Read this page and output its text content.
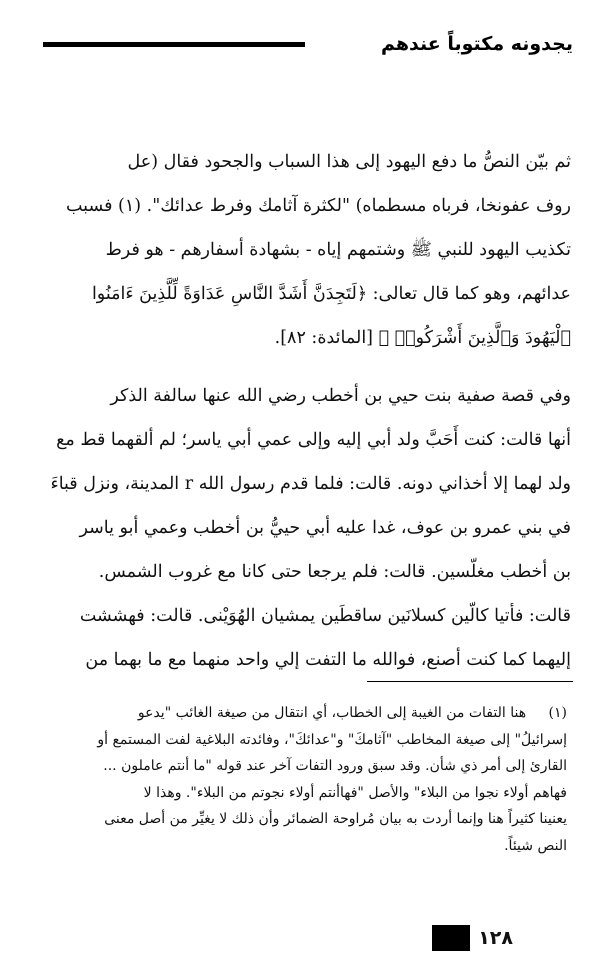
يجدونه مكتوباً عندهم

ثم بيّن النصُّ ما دفع اليهود إلى هذا السباب والجحود فقال (عل
روف عفونخا، فرباه مسطماه) "لكثرة آثامك وفرط عدائك". (١) فسبب
تكذيب اليهود للنبي ﷺ وشتمهم إياه - بشهادة أسفارهم - هو فرط
عدائهم، وهو كما قال تعالى: ﴿لَتَجِدَنَّ أَشَدَّ النَّاسِ عَدَاوَةً لِّلَّذِينَ ءَامَنُوا
ٱلْيَهُودَ وَٱلَّذِينَ أَشْرَكُوا۟ ﴾ [المائدة: ٨٢].

وفي قصة صفية بنت حيي بن أخطب رضي الله عنها سالفة الذكر
أنها قالت: كنت أَحَبَّ ولد أبي إليه وإلى عمي أبي ياسر؛ لم ألقهما قط مع
ولد لهما إلا أخذاني دونه. قالت: فلما قدم رسول الله r المدينة، ونزل قباءَ
في بني عمرو بن عوف، غدا عليه أبي حييُّ بن أخطب وعمي أبو ياسر
بن أخطب مغلّسين. قالت: فلم يرجعا حتى كانا مع غروب الشمس.
قالت: فأتيا كالّين كسلانَين ساقطَين يمشيان الهُوَيْنى. قالت: فهششت
إليهما كما كنت أصنع، فوالله ما التفت إلي واحد منهما مع ما بهما من

(١) هنا التفات من الغيبة إلى الخطاب، أي انتقال من صيغة الغائب "يدعو
إسرائيلُ" إلى صيغة المخاطب "آثامكَ" و"عدائكَ"، وفائدته البلاغية لفت المستمع أو
القارئ إلى أمر ذي شأن. وقد سبق ورود التفات آخر عند قوله "ما أنتم عاملون ...
فهاهم أولاء نجوا من البلاء" والأصل "فهاأنتم أولاء نجوتم من البلاء". وهذا لا
يعنينا كثيراً هنا وإنما أردت به بيان مُراوحة الضمائر وأن ذلك لا يغيِّر من أصل معنى
النص شيئاً.
١٢٨
